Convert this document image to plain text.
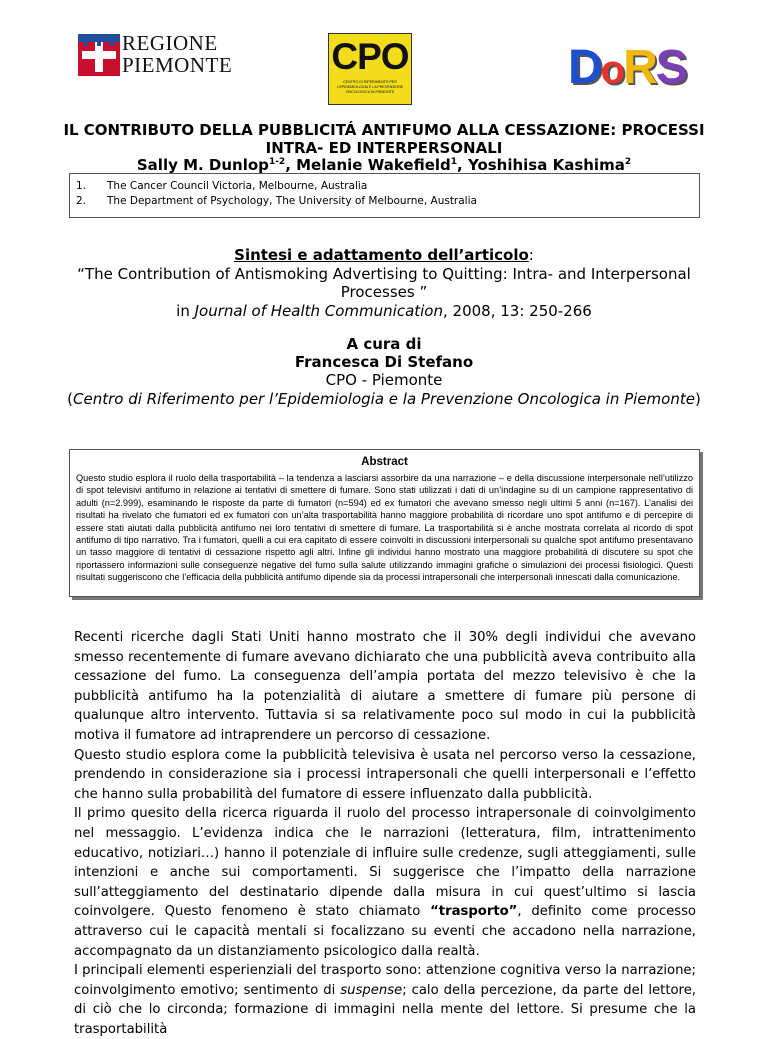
REGIONE
PIEMONTE	CPO
CENTRO DI RIFERIMENTO PER L'EPIDEMIOLOGIA E LA PREVENZIONE ONCOLOGICA IN PIEMONTE	DoRS
IL CONTRIBUTO DELLA PUBBLICITÁ ANTIFUMO ALLA CESSAZIONE: PROCESSI
INTRA- ED INTERPERSONALI
Sally M. Dunlop$^{1-2}$, Melanie Wakefield$^1$, Yoshihisa Kashima$^2$
1. The Cancer Council Victoria, Melbourne, Australia
2. The Department of Psychology, The University of Melbourne, Australia
Sintesi e adattamento dell’articolo:
“The Contribution of Antismoking Advertising to Quitting: Intra- and Interpersonal
Processes ”
in Journal of Health Communication, 2008, 13: 250-266
A cura di
Francesca Di Stefano
CPO - Piemonte
(Centro di Riferimento per l’Epidemiologia e la Prevenzione Oncologica in Piemonte)
Abstract
Questo studio esplora il ruolo della trasportabilità – la tendenza a lasciarsi assorbire da una narrazione – e della discussione interpersonale nell’utilizzo di spot televisivi antifumo in relazione ai tentativi di smettere di fumare. Sono stati utilizzati i dati di un’indagine su di un campione rappresentativo di adulti (n=2.999), esaminando le risposte da parte di fumatori (n=594) ed ex fumatori che avevano smesso negli ultimi 5 anni (n=167). L’analisi dei risultati ha rivelato che fumatori ed ex fumatori con un’alta trasportabilità hanno maggiore probabilità di ricordare uno spot antifumo e di percepire di essere stati aiutati dalla pubblicità antifumo nei loro tentativi di smettere di fumare. La trasportabilità si è anche mostrata correlata al ricordo di spot antifumo di tipo narrativo. Tra i fumatori, quelli a cui era capitato di essere coinvolti in discussioni interpersonali su qualche spot antifumo presentavano un tasso maggiore di tentativi di cessazione rispetto agli altri. Infine gli individui hanno mostrato una maggiore probabilità di discutere su spot che riportassero informazioni sulle conseguenze negative del fumo sulla salute utilizzando immagini grafiche o simulazioni dei processi fisiologici. Questi risultati suggeriscono che l’efficacia della pubblicità antifumo dipende sia da processi intrapersonali che interpersonali innescati dalla comunicazione.

Recenti ricerche dagli Stati Uniti hanno mostrato che il 30% degli individui che avevano smesso recentemente di fumare avevano dichiarato che una pubblicità aveva contribuito alla cessazione del fumo. La conseguenza dell’ampia portata del mezzo televisivo è che la pubblicità antifumo ha la potenzialità di aiutare a smettere di fumare più persone di qualunque altro intervento. Tuttavia si sa relativamente poco sul modo in cui la pubblicità motiva il fumatore ad intraprendere un percorso di cessazione.

Questo studio esplora come la pubblicità televisiva è usata nel percorso verso la cessazione, prendendo in considerazione sia i processi intrapersonali che quelli interpersonali e l’effetto che hanno sulla probabilità del fumatore di essere influenzato dalla pubblicità.

Il primo quesito della ricerca riguarda il ruolo del processo intrapersonale di coinvolgimento nel messaggio. L’evidenza indica che le narrazioni (letteratura, film, intrattenimento educativo, notiziari…) hanno il potenziale di influire sulle credenze, sugli atteggiamenti, sulle intenzioni e anche sui comportamenti. Si suggerisce che l’impatto della narrazione sull’atteggiamento del destinatario dipende dalla misura in cui quest’ultimo si lascia coinvolgere. Questo fenomeno è stato chiamato “trasporto”, definito come processo attraverso cui le capacità mentali si focalizzano su eventi che accadono nella narrazione, accompagnato da un distanziamento psicologico dalla realtà.

I principali elementi esperienziali del trasporto sono: attenzione cognitiva verso la narrazione; coinvolgimento emotivo; sentimento di suspense; calo della percezione, da parte del lettore, di ciò che lo circonda; formazione di immagini nella mente del lettore. Si presume che la trasportabilità
